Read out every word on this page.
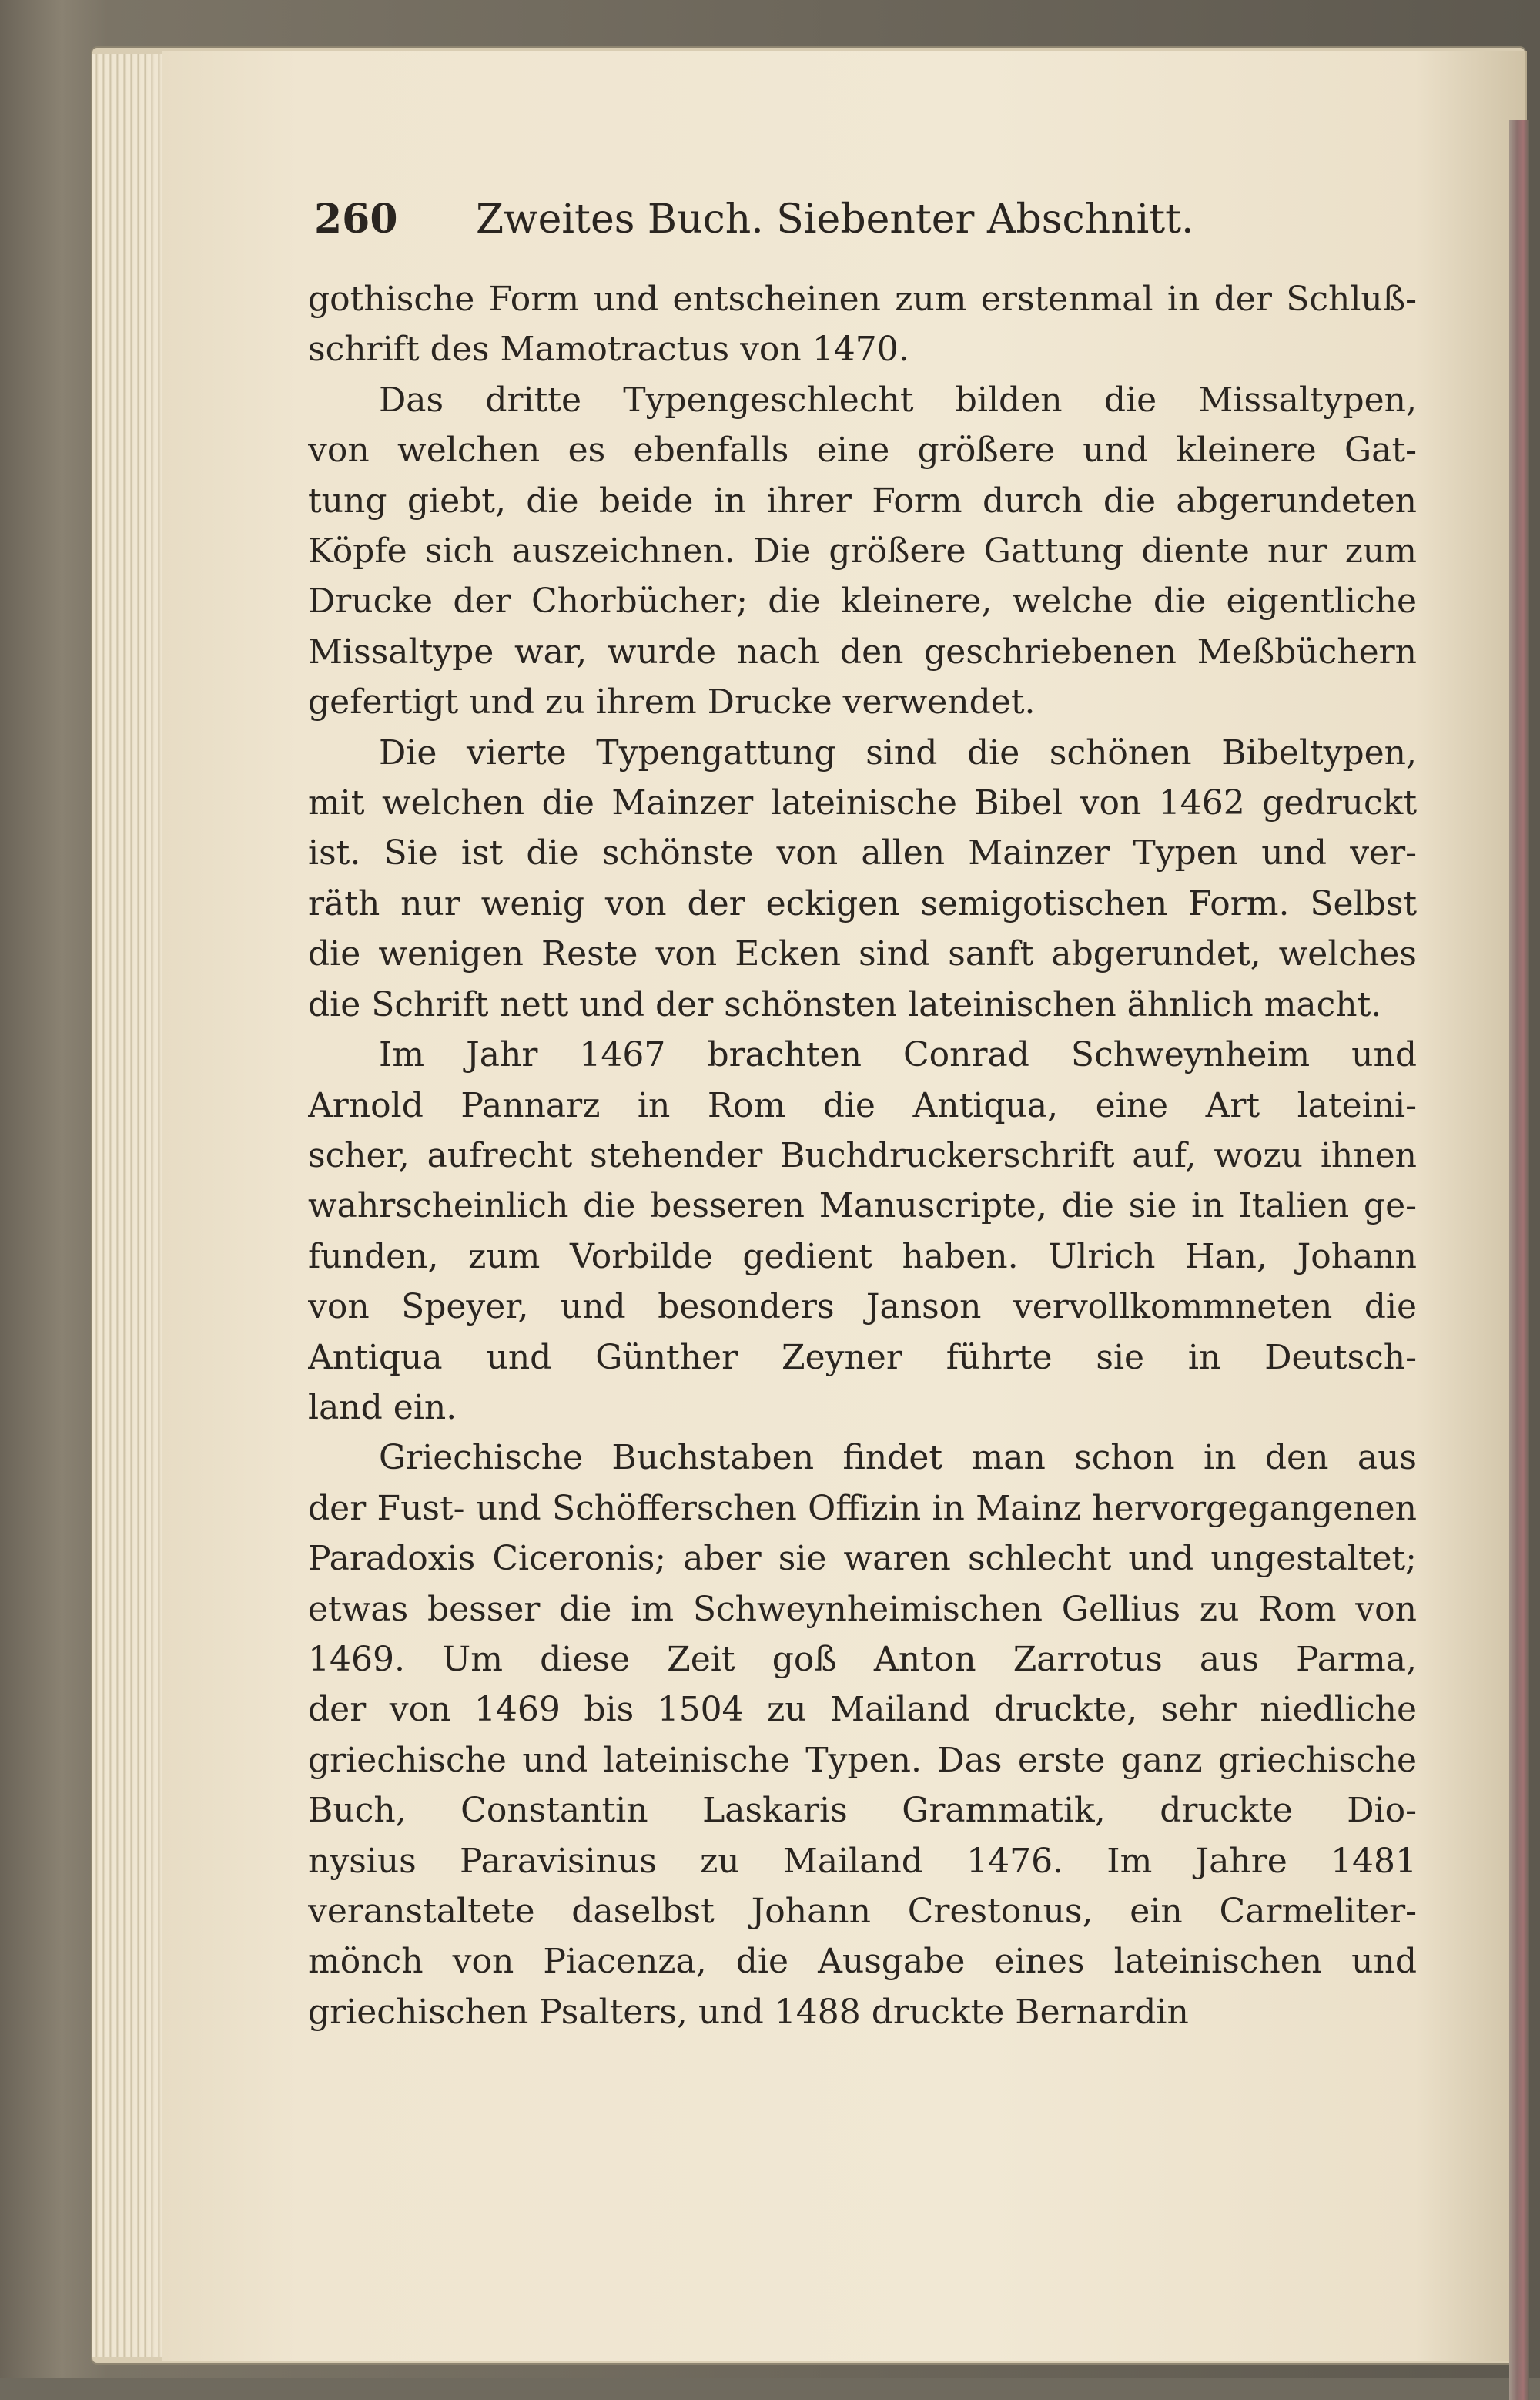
260	Zweites Buch. Siebenter Abschnitt.

gothische Form und entscheinen zum erstenmal in der Schluß-
schrift des Mamotractus von 1470.

Das dritte Typengeschlecht bilden die Missaltypen,
von welchen es ebenfalls eine größere und kleinere Gat-
tung giebt, die beide in ihrer Form durch die abgerundeten
Köpfe sich auszeichnen. Die größere Gattung diente nur zum
Drucke der Chorbücher; die kleinere, welche die eigentliche
Missaltype war, wurde nach den geschriebenen Meßbüchern
gefertigt und zu ihrem Drucke verwendet.

Die vierte Typengattung sind die schönen Bibeltypen,
mit welchen die Mainzer lateinische Bibel von 1462 gedruckt
ist. Sie ist die schönste von allen Mainzer Typen und ver-
räth nur wenig von der eckigen semigotischen Form. Selbst
die wenigen Reste von Ecken sind sanft abgerundet, welches
die Schrift nett und der schönsten lateinischen ähnlich macht.

Im Jahr 1467 brachten Conrad Schweynheim und
Arnold Pannarz in Rom die Antiqua, eine Art lateini-
scher, aufrecht stehender Buchdruckerschrift auf, wozu ihnen
wahrscheinlich die besseren Manuscripte, die sie in Italien ge-
funden, zum Vorbilde gedient haben. Ulrich Han, Johann
von Speyer, und besonders Janson vervollkommneten die
Antiqua und Günther Zeyner führte sie in Deutsch-
land ein.

Griechische Buchstaben findet man schon in den aus
der Fust- und Schöfferschen Offizin in Mainz hervorgegangenen
Paradoxis Ciceronis; aber sie waren schlecht und ungestaltet;
etwas besser die im Schweynheimischen Gellius zu Rom von
1469. Um diese Zeit goß Anton Zarrotus aus Parma,
der von 1469 bis 1504 zu Mailand druckte, sehr niedliche
griechische und lateinische Typen. Das erste ganz griechische
Buch, Constantin Laskaris Grammatik, druckte Dio-
nysius Paravisinus zu Mailand 1476. Im Jahre 1481
veranstaltete daselbst Johann Crestonus, ein Carmeliter-
mönch von Piacenza, die Ausgabe eines lateinischen und
griechischen Psalters, und 1488 druckte Bernardin
